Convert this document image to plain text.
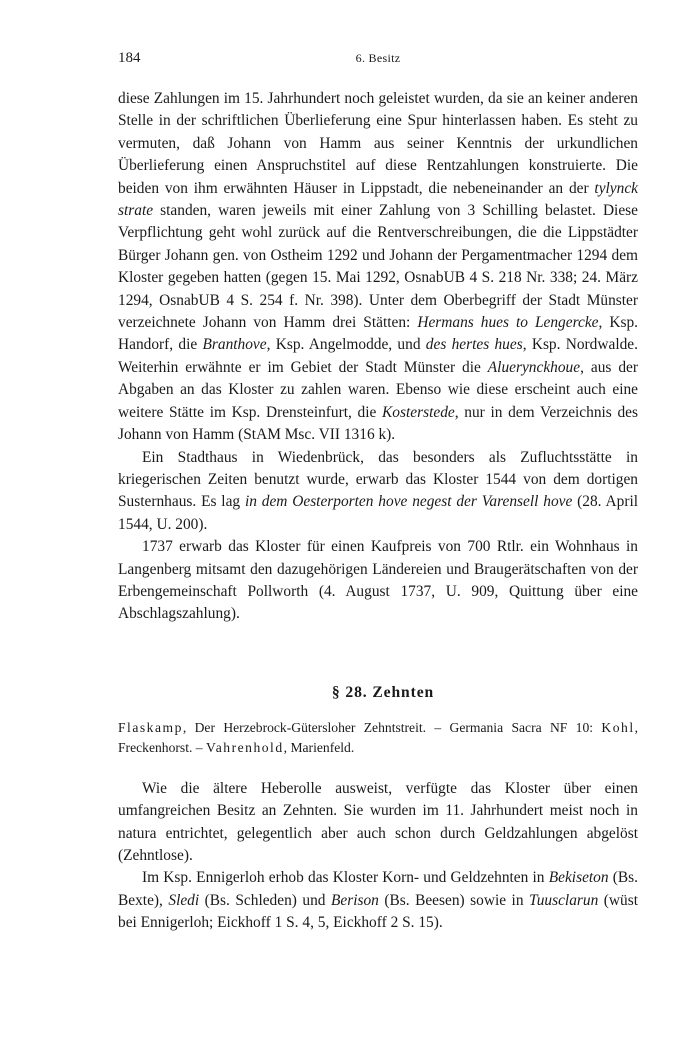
184	6. Besitz

diese Zahlungen im 15. Jahrhundert noch geleistet wurden, da sie an keiner anderen Stelle in der schriftlichen Überlieferung eine Spur hinterlassen haben. Es steht zu vermuten, daß Johann von Hamm aus seiner Kenntnis der urkundlichen Überlieferung einen Anspruchstitel auf diese Rentzahlungen konstruierte. Die beiden von ihm erwähnten Häuser in Lippstadt, die nebeneinander an der tylynck strate standen, waren jeweils mit einer Zahlung von 3 Schilling belastet. Diese Verpflichtung geht wohl zurück auf die Rentverschreibungen, die die Lippstädter Bürger Johann gen. von Ostheim 1292 und Johann der Pergamentmacher 1294 dem Kloster gegeben hatten (gegen 15. Mai 1292, OsnabUB 4 S. 218 Nr. 338; 24. März 1294, OsnabUB 4 S. 254 f. Nr. 398). Unter dem Oberbegriff der Stadt Münster verzeichnete Johann von Hamm drei Stätten: Hermans hues to Lengercke, Ksp. Handorf, die Branthove, Ksp. Angelmodde, und des hertes hues, Ksp. Nordwalde. Weiterhin erwähnte er im Gebiet der Stadt Münster die Aluerynckhoue, aus der Abgaben an das Kloster zu zahlen waren. Ebenso wie diese erscheint auch eine weitere Stätte im Ksp. Drensteinfurt, die Kosterstede, nur in dem Verzeichnis des Johann von Hamm (StAM Msc. VII 1316 k).

Ein Stadthaus in Wiedenbrück, das besonders als Zufluchtsstätte in kriegerischen Zeiten benutzt wurde, erwarb das Kloster 1544 von dem dortigen Susternhaus. Es lag in dem Oesterporten hove negest der Varensell hove (28. April 1544, U. 200).

1737 erwarb das Kloster für einen Kaufpreis von 700 Rtlr. ein Wohnhaus in Langenberg mitsamt den dazugehörigen Ländereien und Braugerätschaften von der Erbengemeinschaft Pollworth (4. August 1737, U. 909, Quittung über eine Abschlagszahlung).

§ 28. Zehnten

Flaskamp, Der Herzebrock-Gütersloher Zehntstreit. – Germania Sacra NF 10: Kohl, Freckenhorst. – Vahrenhold, Marienfeld.

Wie die ältere Heberolle ausweist, verfügte das Kloster über einen umfangreichen Besitz an Zehnten. Sie wurden im 11. Jahrhundert meist noch in natura entrichtet, gelegentlich aber auch schon durch Geldzahlungen abgelöst (Zehntlose).

Im Ksp. Ennigerloh erhob das Kloster Korn- und Geldzehnten in Bekiseton (Bs. Bexte), Sledi (Bs. Schleden) und Berison (Bs. Beesen) sowie in Tuusclarun (wüst bei Ennigerloh; Eickhoff 1 S. 4, 5, Eickhoff 2 S. 15).
